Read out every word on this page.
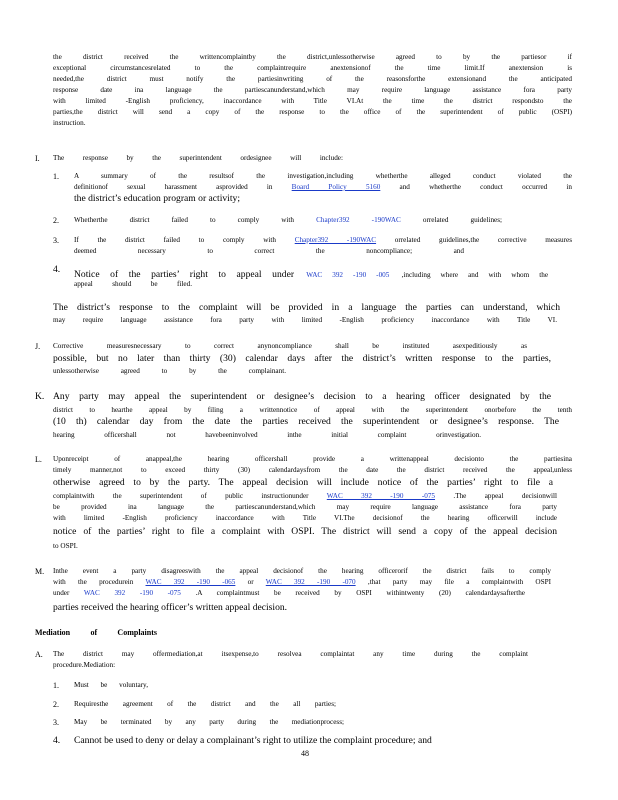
the district received the writtencomplaintby the district,unlessotherwise agreed to by the partiesor if
exceptional circumstancesrelated to the complaintrequire anextensionof the time limit.If anextension is
needed,the district must notify the partiesinwriting of the reasonsforthe extensionand the anticipated
response date ina language the partiescanunderstand,which may require language assistance fora party
with limited -English proficiency, inaccordance with Title VI.At the time the district respondsto the
parties,the district will send a copy of the response to the office of the superintendent of public (OSPI)
instruction.
I. The response by the superintendent ordesignee will include:
1. A summary of the resultsof the investigation,including whetherthe alleged conduct violated the
definitionof sexual harassment asprovided in	Board Policy 5160	and whetherthe conduct occurred in
the district’s education program or activity;
2. Whetherthe district failed to comply with	Chapter392 -190WAC	orrelated guidelines;
3. If the district failed to comply with	Chapter392 -190WAC	orrelated guidelines,the corrective measures
deemed necessary to correct the noncompliance; and
4. Notice of the parties’ right to appeal under WAC 392 -190 -005 ,including where and with whom the
appeal should be filed.
The district’s response to the complaint will be provided in a language the parties can understand, which
may require language assistance fora party with limited -English proficiency inaccordance with Title VI.
J. Corrective measuresnecessary to correct anynoncompliance shall be instituted asexpeditiously as
possible, but no later than thirty (30) calendar days after the district’s written response to the parties,
unlessotherwise agreed to by the complainant.
K. Any party may appeal the superintendent or designee’s decision to a hearing officer designated by the
district to hearthe appeal by filing a writtennotice of appeal with the superintendent onorbefore the tenth
(10 th) calendar day from the date the parties received the superintendent or designee’s response. The
hearing officershall not havebeeninvolved inthe initial complaint orinvestigation.
L. Uponreceipt of anappeal,the hearing officershall provide a writtenappeal decisionto the partiesina
timely manner,not to exceed thirty (30) calendardaysfrom the date the district received the appeal,unless
otherwise agreed to by the party. The appeal decision will include notice of the parties’ right to file a
complaintwith the superintendent of public instructionunder	WAC 392 -190 -075	.The appeal decisionwill
be provided ina language the partiescanunderstand,which may require language assistance fora party
with limited -English proficiency inaccordance with Title VI.The decisionof the hearing officerwill include
notice of the parties’ right to file a complaint with OSPI. The district will send a copy of the appeal decision
to OSPI.
M. Inthe event a party disagreeswith the appeal decisionof the hearing officerorif the district fails to comply
with the procedurein WAC 392 -190 -065 or WAC 392 -190 -070 ,that party may file a complaintwith OSPI
under WAC 392 -190 -075 .A complaintmust be received by OSPI withintwenty (20) calendardaysafterthe
parties received the hearing officer’s written appeal decision.
Mediation of Complaints
A. The district may offermediation,at itsexpense,to resolvea complaintat any time during the complaint
procedure.Mediation:
1. Must be voluntary,
2. Requiresthe agreement of the district and the all parties;
3. May be terminated by any party during the mediationprocess;
4. Cannot be used to deny or delay a complainant’s right to utilize the complaint procedure; and
48
